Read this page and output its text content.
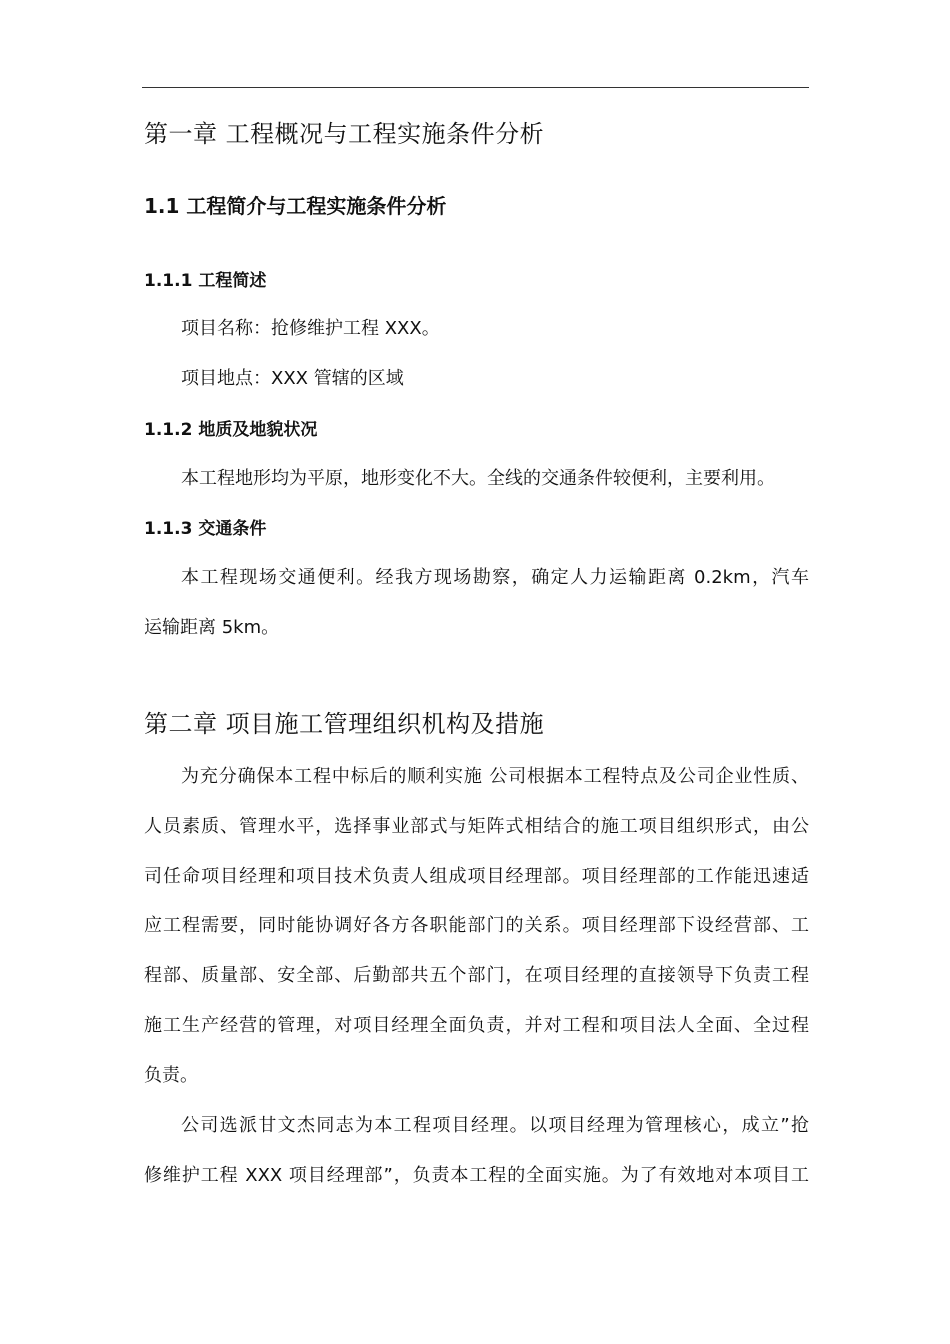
第一章 工程概况与工程实施条件分析
1.1 工程简介与工程实施条件分析
1.1.1 工程简述

项目名称：抢修维护工程 XXX。

项目地点：XXX 管辖的区域

1.1.2 地质及地貌状况

本工程地形均为平原，地形变化不大。全线的交通条件较便利，主要利用。

1.1.3 交通条件

本工程现场交通便利。经我方现场勘察，确定人力运输距离 0.2km，汽车

运输距离 5km。

第二章 项目施工管理组织机构及措施

为充分确保本工程中标后的顺利实施 公司根据本工程特点及公司企业性质、

人员素质、管理水平，选择事业部式与矩阵式相结合的施工项目组织形式，由公

司任命项目经理和项目技术负责人组成项目经理部。项目经理部的工作能迅速适

应工程需要，同时能协调好各方各职能部门的关系。项目经理部下设经营部、工

程部、质量部、安全部、后勤部共五个部门，在项目经理的直接领导下负责工程

施工生产经营的管理，对项目经理全面负责，并对工程和项目法人全面、全过程

负责。

公司选派甘文杰同志为本工程项目经理。以项目经理为管理核心，成立”抢

修维护工程 XXX 项目经理部”，负责本工程的全面实施。为了有效地对本项目工
